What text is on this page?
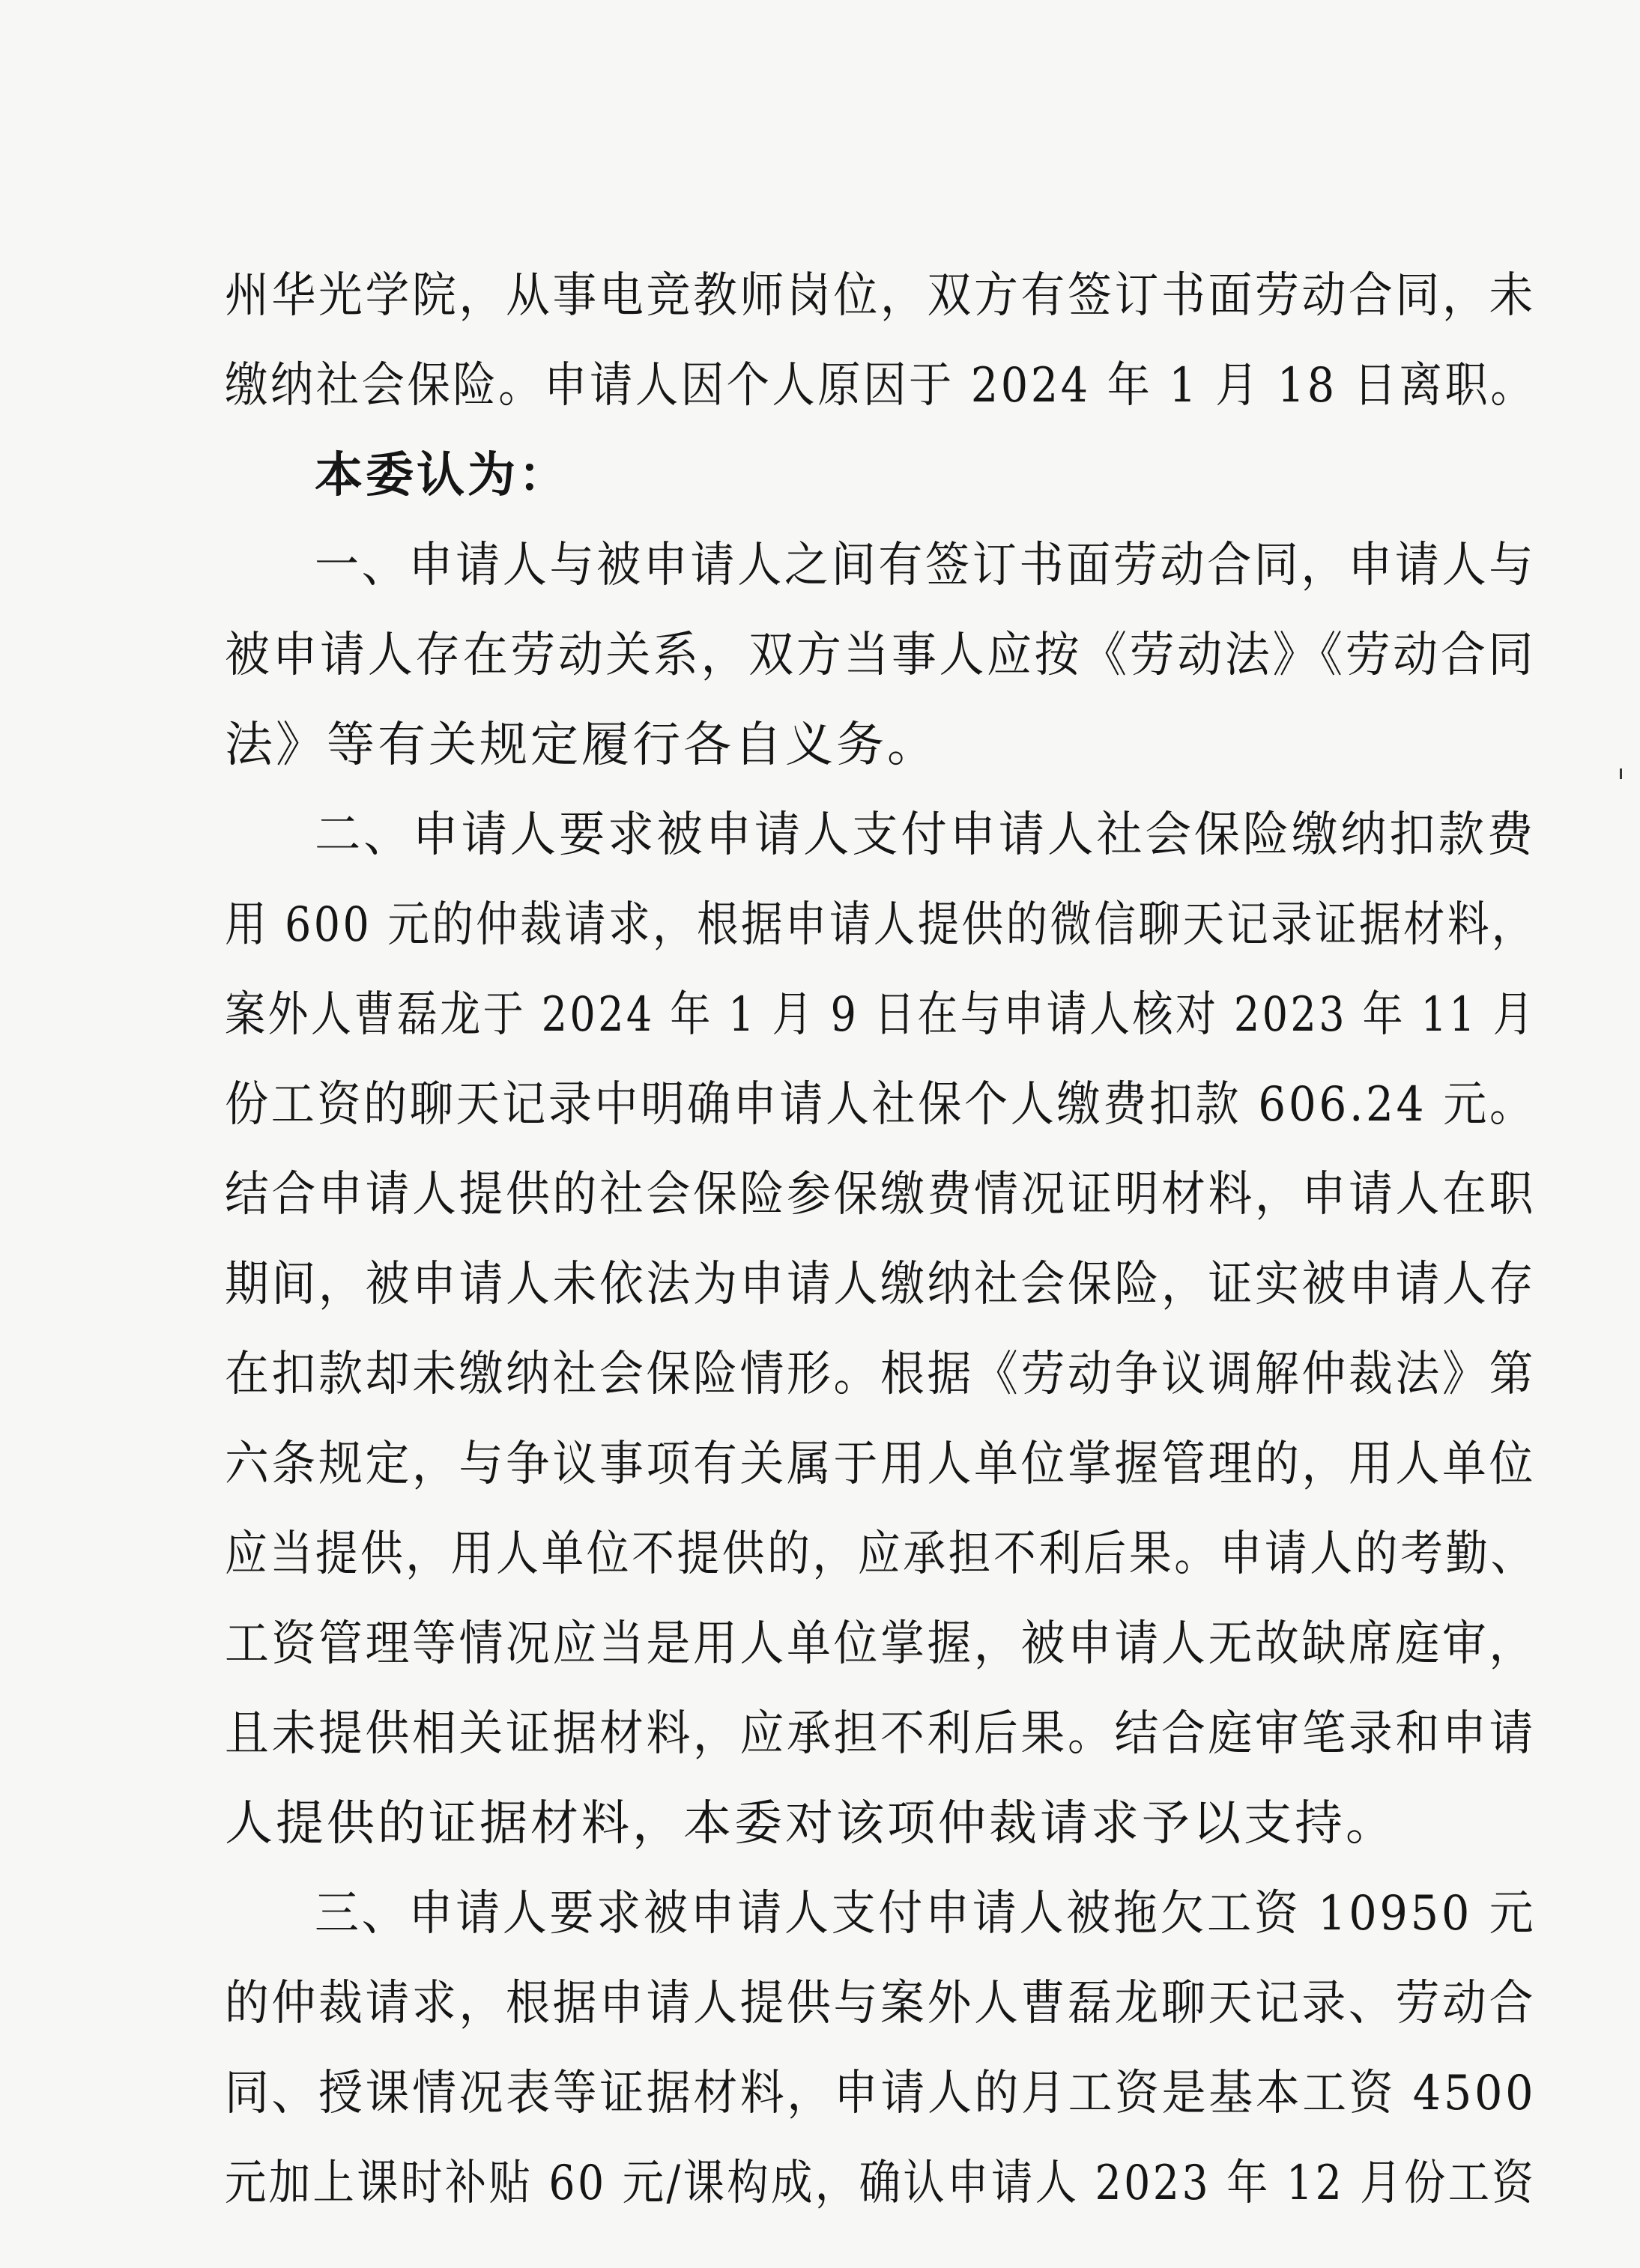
州华光学院，从事电竞教师岗位，双方有签订书面劳动合同，未
缴纳社会保险。申请人因个人原因于 2024 年 1 月 18 日离职。
本委认为：
一、申请人与被申请人之间有签订书面劳动合同，申请人与
被申请人存在劳动关系，双方当事人应按《劳动法》《劳动合同
法》等有关规定履行各自义务。
二、申请人要求被申请人支付申请人社会保险缴纳扣款费
用 600 元的仲裁请求，根据申请人提供的微信聊天记录证据材料，
案外人曹磊龙于 2024 年 1 月 9 日在与申请人核对 2023 年 11 月
份工资的聊天记录中明确申请人社保个人缴费扣款 606.24 元。
结合申请人提供的社会保险参保缴费情况证明材料，申请人在职
期间，被申请人未依法为申请人缴纳社会保险，证实被申请人存
在扣款却未缴纳社会保险情形。根据《劳动争议调解仲裁法》第
六条规定，与争议事项有关属于用人单位掌握管理的，用人单位
应当提供，用人单位不提供的，应承担不利后果。申请人的考勤、
工资管理等情况应当是用人单位掌握，被申请人无故缺席庭审，
且未提供相关证据材料，应承担不利后果。结合庭审笔录和申请
人提供的证据材料，本委对该项仲裁请求予以支持。
三、申请人要求被申请人支付申请人被拖欠工资 10950 元
的仲裁请求，根据申请人提供与案外人曹磊龙聊天记录、劳动合
同、授课情况表等证据材料，申请人的月工资是基本工资 4500
元加上课时补贴 60 元/课构成，确认申请人 2023 年 12 月份工资
